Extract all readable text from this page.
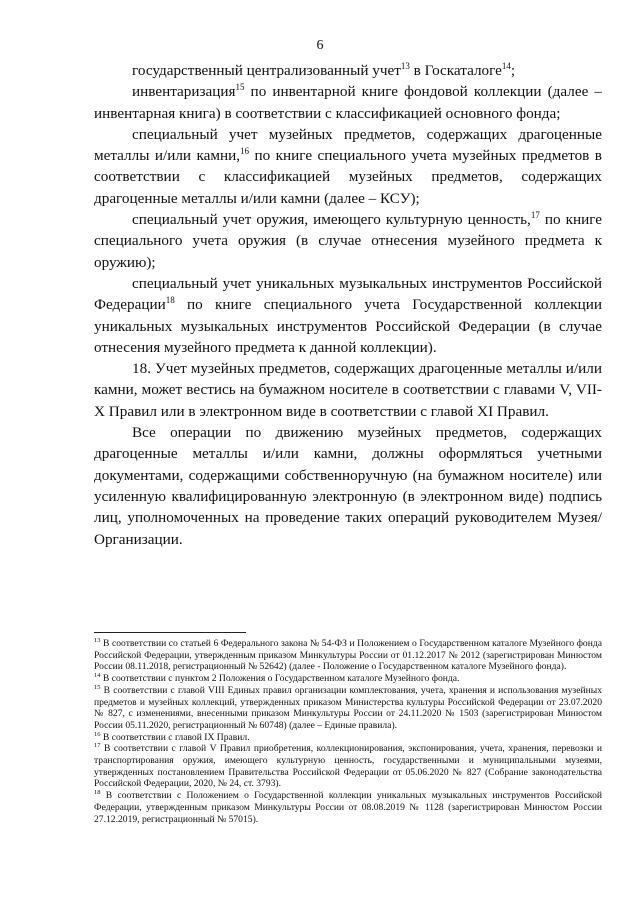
6

государственный централизованный учет$^{13}$ в Госкаталоге$^{14}$;

инвентаризация$^{15}$ по инвентарной книге фондовой коллекции (далее – инвентарная книга) в соответствии с классификацией основного фонда;

специальный учет музейных предметов, содержащих драгоценные металлы и/или камни,$^{16}$ по книге специального учета музейных предметов в соответствии с классификацией музейных предметов, содержащих драгоценные металлы и/или камни (далее – КСУ);

специальный учет оружия, имеющего культурную ценность,$^{17}$ по книге специального учета оружия (в случае отнесения музейного предмета к оружию);

специальный учет уникальных музыкальных инструментов Российской Федерации$^{18}$ по книге специального учета Государственной коллекции уникальных музыкальных инструментов Российской Федерации (в случае отнесения музейного предмета к данной коллекции).

18. Учет музейных предметов, содержащих драгоценные металлы и/или камни, может вестись на бумажном носителе в соответствии с главами V, VII-X Правил или в электронном виде в соответствии с главой XI Правил.

Все операции по движению музейных предметов, содержащих драгоценные металлы и/или камни, должны оформляться учетными документами, содержащими собственноручную (на бумажном носителе) или усиленную квалифицированную электронную (в электронном виде) подпись лиц, уполномоченных на проведение таких операций руководителем Музея/Организации.

$^{13}$ В соответствии со статьей 6 Федерального закона № 54-ФЗ и Положением о Государственном каталоге Музейного фонда Российской Федерации, утвержденным приказом Минкультуры России от 01.12.2017 № 2012 (зарегистрирован Минюстом России 08.11.2018, регистрационный № 52642) (далее - Положение о Государственном каталоге Музейного фонда).

$^{14}$ В соответствии с пунктом 2 Положения о Государственном каталоге Музейного фонда.

$^{15}$ В соответствии с главой VIII Единых правил организации комплектования, учета, хранения и использования музейных предметов и музейных коллекций, утвержденных приказом Министерства культуры Российской Федерации от 23.07.2020 № 827, с изменениями, внесенными приказом Минкультуры России от 24.11.2020 № 1503 (зарегистрирован Минюстом России 05.11.2020, регистрационный № 60748) (далее – Единые правила).

$^{16}$ В соответствии с главой IX Правил.

$^{17}$ В соответствии с главой V Правил приобретения, коллекционирования, экспонирования, учета, хранения, перевозки и транспортирования оружия, имеющего культурную ценность, государственными и муниципальными музеями, утвержденных постановлением Правительства Российской Федерации от 05.06.2020 № 827 (Собрание законодательства Российской Федерации, 2020, № 24, ст. 3793).

$^{18}$ В соответствии с Положением о Государственной коллекции уникальных музыкальных инструментов Российской Федерации, утвержденным приказом Минкультуры России от 08.08.2019 № 1128 (зарегистрирован Минюстом России 27.12.2019, регистрационный № 57015).
